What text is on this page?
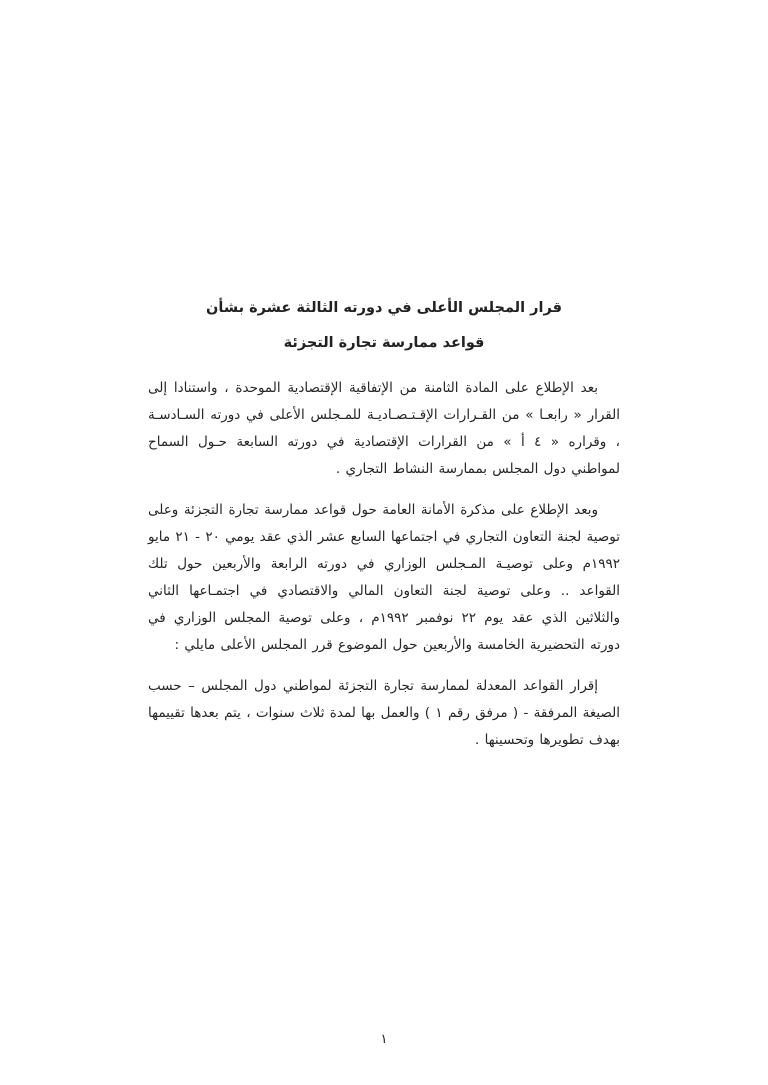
قرار المجلس الأعلى في دورته الثالثة عشرة بشأن
قواعد ممارسة تجارة التجزئة

بعد الإطلاع على المادة الثامنة من الإتفاقية الإقتصادية الموحدة ، واستنادا إلى القرار « رابعـا » من القـرارات الإقـتـصـاديـة للمـجلس الأعلى في دورته السـادسـة ، وقراره « ٤ أ » من القرارات الإقتصادية في دورته السابعة حـول السماح لمواطني دول المجلس بممارسة النشاط التجاري .

وبعد الإطلاع على مذكرة الأمانة العامة حول قواعد ممارسة تجارة التجزئة وعلى توصية لجنة التعاون التجاري في اجتماعها السابع عشر الذي عقد يومي ٢٠ - ٢١ مايو ١٩٩٢م وعلى توصيـة المـجلس الوزاري في دورته الرابعة والأربعين حول تلك القواعد .. وعلى توصية لجنة التعاون المالي والاقتصادي في اجتمـاعها الثاني والثلاثين الذي عقد يوم ٢٢ نوفمبر ١٩٩٢م ، وعلى توصية المجلس الوزاري في دورته التحضيرية الخامسة والأربعين حول الموضوع قرر المجلس الأعلى مايلي :

إقرار القواعد المعدلة لممارسة تجارة التجزئة لمواطني دول المجلس – حسب الصيغة المرفقة - ( مرفق رقم ١ ) والعمل بها لمدة ثلاث سنوات ، يتم بعدها تقييمها بهدف تطويرها وتحسينها .

١
